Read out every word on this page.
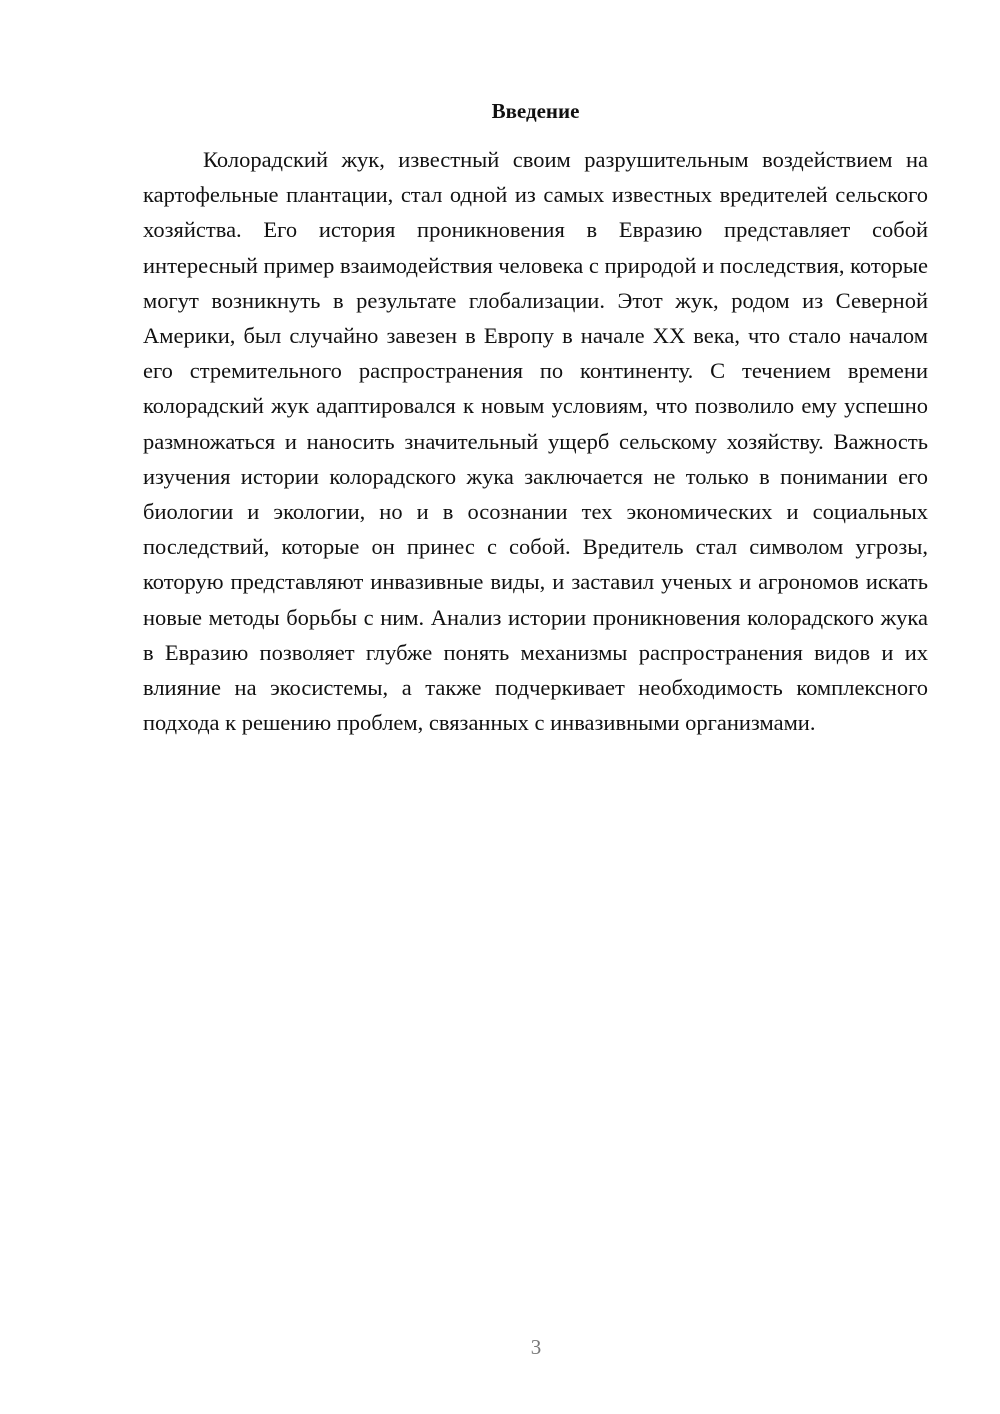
Введение

Колорадский жук, известный своим разрушительным воздействием на картофельные плантации, стал одной из самых известных вредителей сельского хозяйства. Его история проникновения в Евразию представляет собой интересный пример взаимодействия человека с природой и последствия, которые могут возникнуть в результате глобализации. Этот жук, родом из Северной Америки, был случайно завезен в Европу в начале XX века, что стало началом его стремительного распространения по континенту. С течением времени колорадский жук адаптировался к новым условиям, что позволило ему успешно размножаться и наносить значительный ущерб сельскому хозяйству. Важность изучения истории колорадского жука заключается не только в понимании его биологии и экологии, но и в осознании тех экономических и социальных последствий, которые он принес с собой. Вредитель стал символом угрозы, которую представляют инвазивные виды, и заставил ученых и агрономов искать новые методы борьбы с ним. Анализ истории проникновения колорадского жука в Евразию позволяет глубже понять механизмы распространения видов и их влияние на экосистемы, а также подчеркивает необходимость комплексного подхода к решению проблем, связанных с инвазивными организмами.

3
